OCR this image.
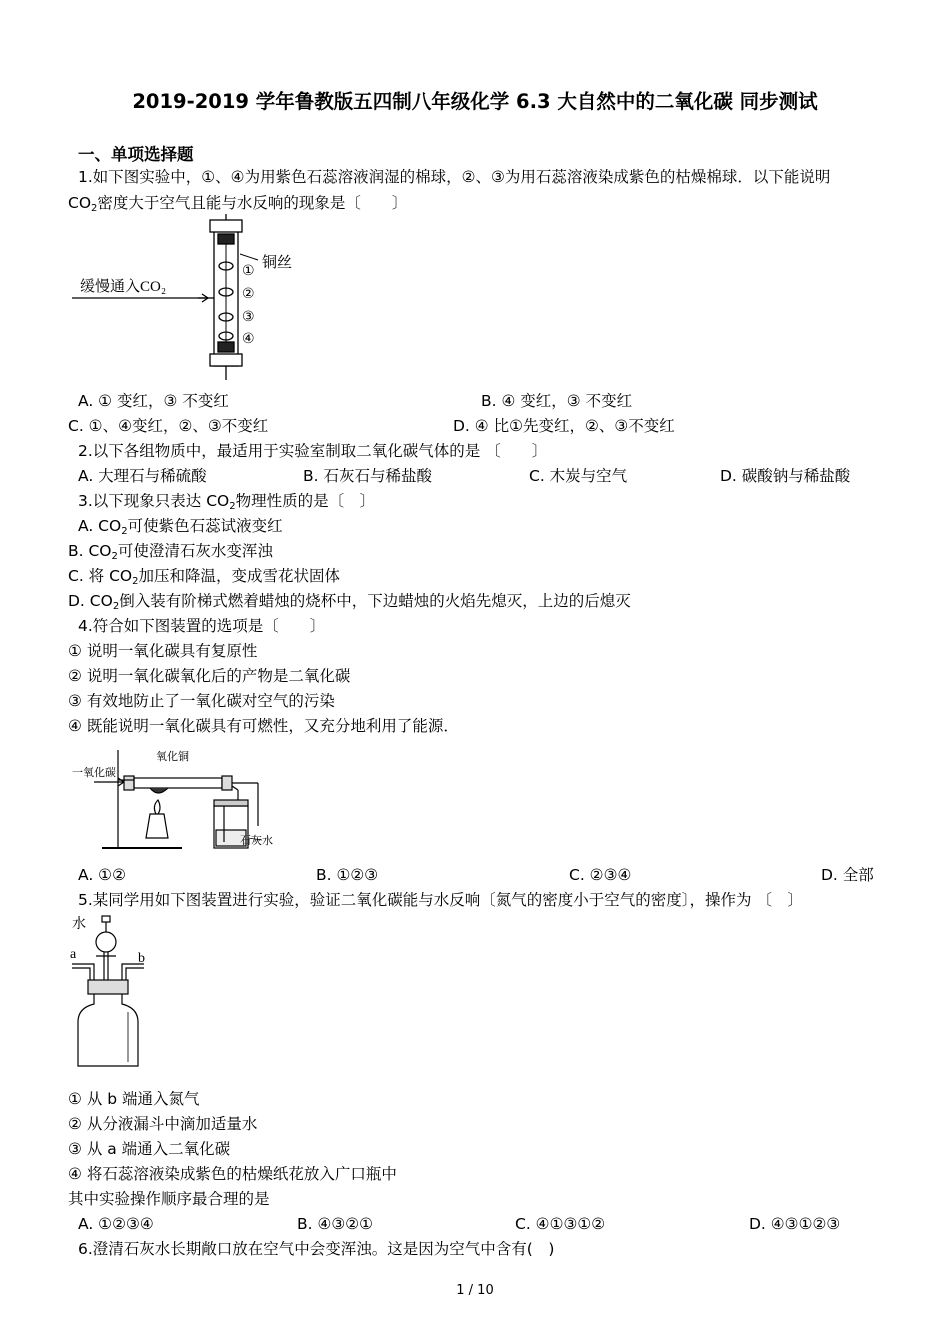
2019-2019 学年鲁教版五四制八年级化学 6.3 大自然中的二氧化碳 同步测试
一、单项选择题
1.如下图实验中，①、④为用紫色石蕊溶液润湿的棉球，②、③为用石蕊溶液染成紫色的枯燥棉球．以下能说明
$CO_2$密度大于空气且能与水反响的现象是〔　　〕
缓慢通入CO₂
铜丝
①
②
③
④
A. ① 变红，③ 不变红	B. ④ 变红，③ 不变红
C. ①、④变红，②、③不变红	D. ④ 比①先变红，②、③不变红
2.以下各组物质中，最适用于实验室制取二氧化碳气体的是 〔　　〕
A. 大理石与稀硫酸	B. 石灰石与稀盐酸	C. 木炭与空气	D. 碳酸钠与稀盐酸
3.以下现象只表达 $CO_2$物理性质的是〔　〕
A. $CO_2$可使紫色石蕊试液变红
B. $CO_2$可使澄清石灰水变浑浊
C. 将 $CO_2$加压和降温，变成雪花状固体
D. $CO_2$倒入装有阶梯式燃着蜡烛的烧杯中，下边蜡烛的火焰先熄灭，上边的后熄灭
4.符合如下图装置的选项是〔　　〕
① 说明一氧化碳具有复原性
② 说明一氧化碳氧化后的产物是二氧化碳
③ 有效地防止了一氧化碳对空气的污染
④ 既能说明一氧化碳具有可燃性，又充分地利用了能源．
一氧化碳
氧化铜
石灰水
A. ①②	B. ①②③	C. ②③④	D. 全部
5.某同学用如下图装置进行实验，验证二氧化碳能与水反响〔氮气的密度小于空气的密度〕，操作为 〔　〕
水
a	b
① 从 b 端通入氮气
② 从分液漏斗中滴加适量水
③ 从 a 端通入二氧化碳
④ 将石蕊溶液染成紫色的枯燥纸花放入广口瓶中
其中实验操作顺序最合理的是
A. ①②③④	B. ④③②①	C. ④①③①②	D. ④③①②③
6.澄清石灰水长期敞口放在空气中会变浑浊。这是因为空气中含有(　)
1 / 10
